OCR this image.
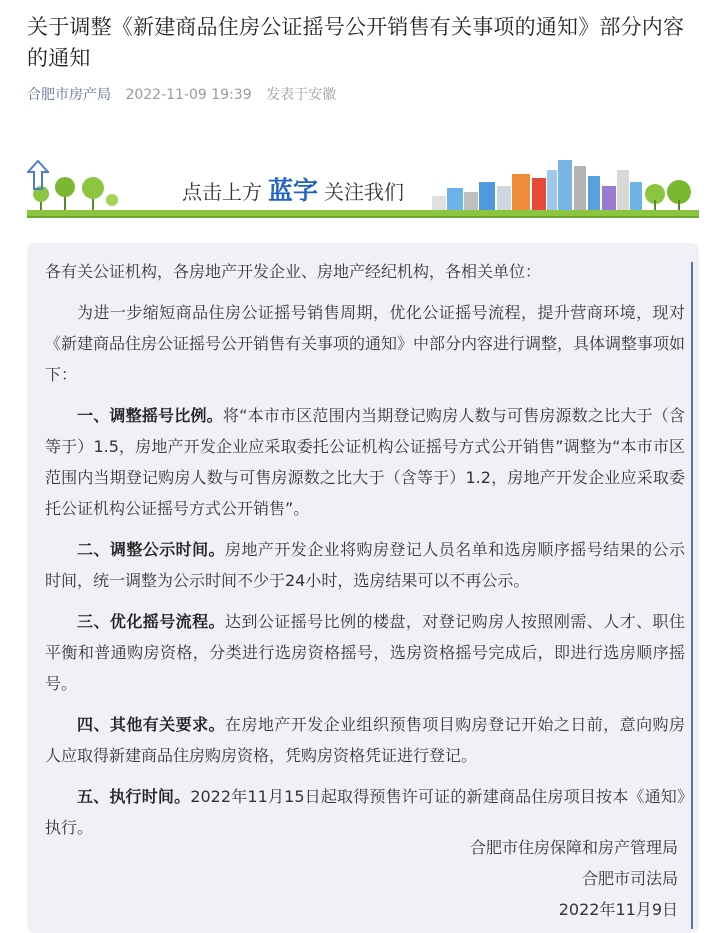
关于调整《新建商品住房公证摇号公开销售有关事项的通知》部分内容的通知
合肥市房产局 2022-11-09 19:39 发表于安徽
点击上方 蓝字 关注我们

各有关公证机构，各房地产开发企业、房地产经纪机构，各相关单位：

为进一步缩短商品住房公证摇号销售周期，优化公证摇号流程，提升营商环境，现对《新建商品住房公证摇号公开销售有关事项的通知》中部分内容进行调整，具体调整事项如下：

一、调整摇号比例。将“本市市区范围内当期登记购房人数与可售房源数之比大于（含等于）1.5，房地产开发企业应采取委托公证机构公证摇号方式公开销售”调整为“本市市区范围内当期登记购房人数与可售房源数之比大于（含等于）1.2，房地产开发企业应采取委托公证机构公证摇号方式公开销售”。

二、调整公示时间。房地产开发企业将购房登记人员名单和选房顺序摇号结果的公示时间，统一调整为公示时间不少于24小时，选房结果可以不再公示。

三、优化摇号流程。达到公证摇号比例的楼盘，对登记购房人按照刚需、人才、职住平衡和普通购房资格，分类进行选房资格摇号，选房资格摇号完成后，即进行选房顺序摇号。

四、其他有关要求。在房地产开发企业组织预售项目购房登记开始之日前，意向购房人应取得新建商品住房购房资格，凭购房资格凭证进行登记。

五、执行时间。2022年11月15日起取得预售许可证的新建商品住房项目按本《通知》执行。

合肥市住房保障和房产管理局
合肥市司法局
2022年11月9日
